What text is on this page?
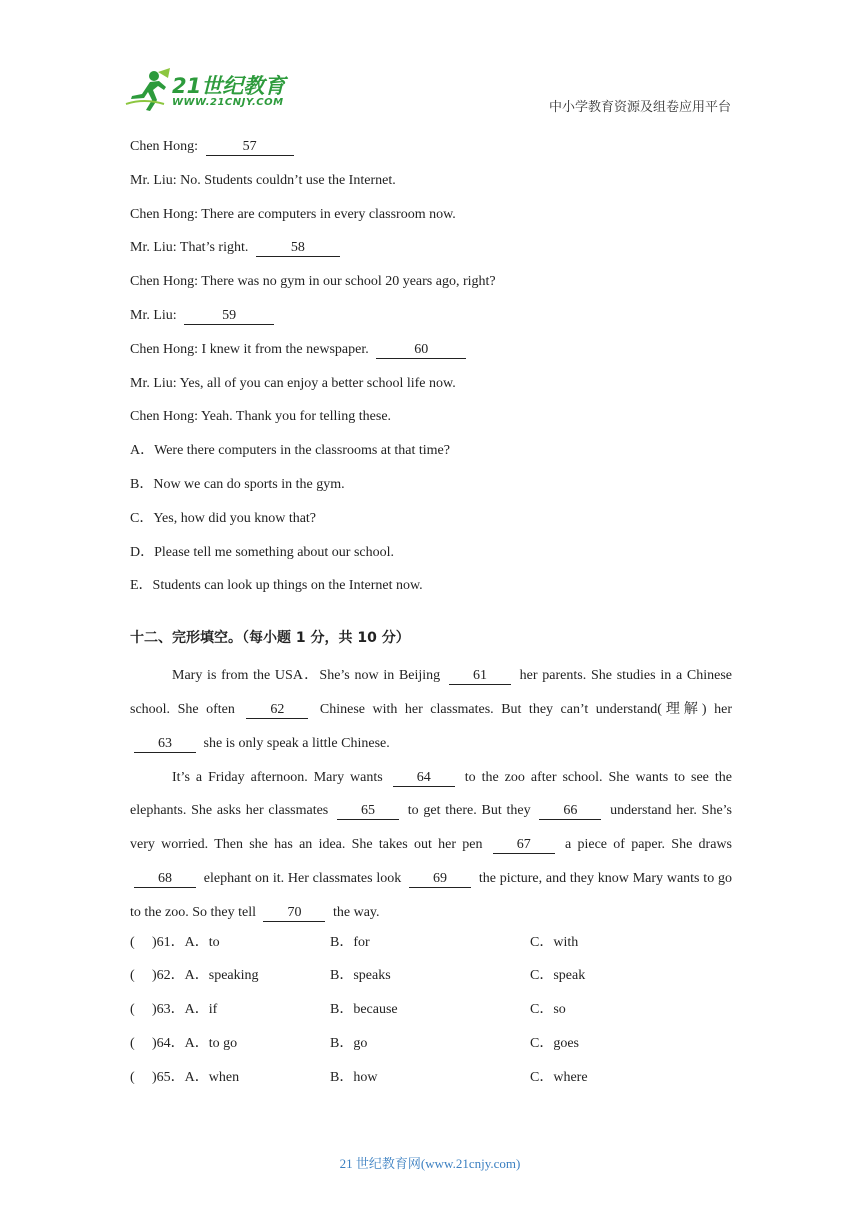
21世纪教育
WWW.21CNJY.COM	中小学教育资源及组卷应用平台
Chen Hong:	57
Mr. Liu: No. Students couldn’t use the Internet.
Chen Hong: There are computers in every classroom now.
Mr. Liu: That’s right.	58
Chen Hong: There was no gym in our school 20 years ago, right?
Mr. Liu:	59
Chen Hong: I knew it from the newspaper.	60
Mr. Liu: Yes, all of you can enjoy a better school life now.
Chen Hong: Yeah. Thank you for telling these.
A．Were there computers in the classrooms at that time?
B．Now we can do sports in the gym.
C．Yes, how did you know that?
D．Please tell me something about our school.
E．Students can look up things on the Internet now.
十二、完形填空。（每小题 1 分，共 10 分）

Mary is from the USA．She’s now in Beijing 61 her parents. She studies in a Chinese school. She often 62 Chinese with her classmates. But they can’t understand(理解) her 63 she is only speak a little Chinese.

It’s a Friday afternoon. Mary wants 64 to the zoo after school. She wants to see the elephants. She asks her classmates 65 to get there. But they 66 understand her. She’s very worried. Then she has an idea. She takes out her pen 67 a piece of paper. She draws 68 elephant on it. Her classmates look 69 the picture, and they know Mary wants to go to the zoo. So they tell 70 the way.

( )61．A．to	B．for	C．with
( )62．A．speaking	B．speaks	C．speak
( )63．A．if	B．because	C．so
( )64．A．to go	B．go	C．goes
( )65．A．when	B．how	C．where
21 世纪教育网(www.21cnjy.com)
